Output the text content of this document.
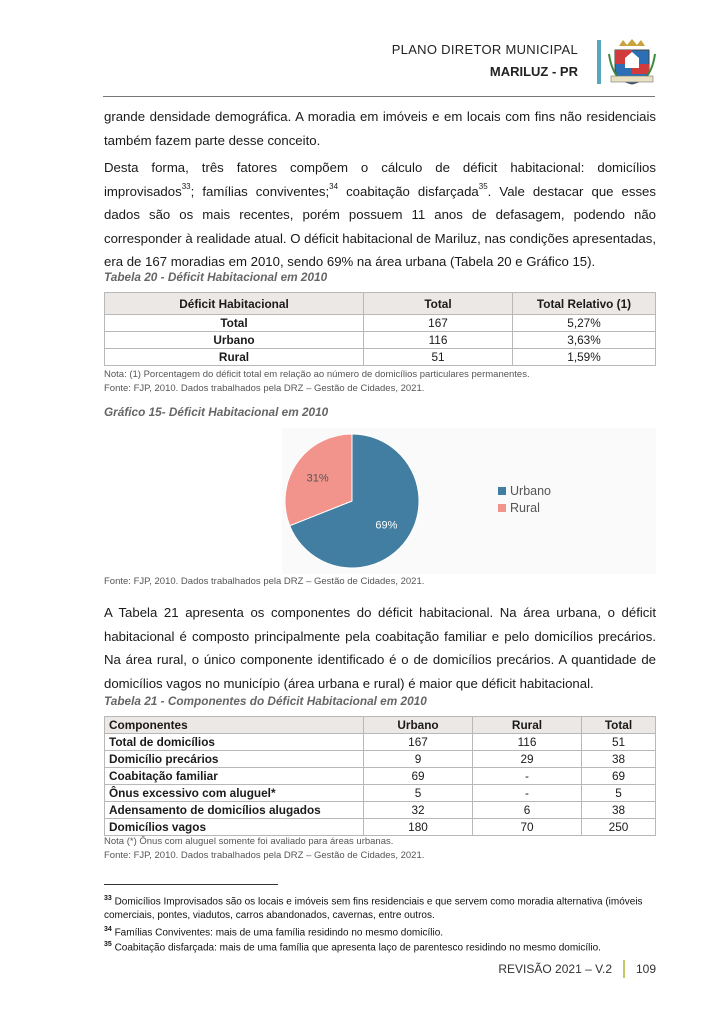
PLANO DIRETOR MUNICIPAL
MARILUZ - PR

grande densidade demográfica. A moradia em imóveis e em locais com fins não residenciais também fazem parte desse conceito.

Desta forma, três fatores compõem o cálculo de déficit habitacional: domicílios improvisados$^{33}$; famílias conviventes;$^{34}$ coabitação disfarçada$^{35}$. Vale destacar que esses dados são os mais recentes, porém possuem 11 anos de defasagem, podendo não corresponder à realidade atual. O déficit habitacional de Mariluz, nas condições apresentadas, era de 167 moradias em 2010, sendo 69% na área urbana (Tabela 20 e Gráfico 15).

Tabela 20 - Déficit Habitacional em 2010
Déficit Habitacional	Total	Total Relativo (1)
Total	167	5,27%
Urbano	116	3,63%
Rural	51	1,59%
Nota: (1) Porcentagem do déficit total em relação ao número de domicílios particulares permanentes.
Fonte: FJP, 2010. Dados trabalhados pela DRZ – Gestão de Cidades, 2021.
Gráfico 15- Déficit Habitacional em 2010
69%
31%
Urbano
Rural
Fonte: FJP, 2010. Dados trabalhados pela DRZ – Gestão de Cidades, 2021.

A Tabela 21 apresenta os componentes do déficit habitacional. Na área urbana, o déficit habitacional é composto principalmente pela coabitação familiar e pelo domicílios precários. Na área rural, o único componente identificado é o de domicílios precários. A quantidade de domicílios vagos no município (área urbana e rural) é maior que déficit habitacional.

Tabela 21 - Componentes do Déficit Habitacional em 2010
Componentes	Urbano	Rural	Total
Total de domicílios	167	116	51
Domicílio precários	9	29	38
Coabitação familiar	69	-	69
Ônus excessivo com aluguel*	5	-	5
Adensamento de domicílios alugados	32	6	38
Domicílios vagos	180	70	250
Nota (*) Ônus com aluguel somente foi avaliado para áreas urbanas.
Fonte: FJP, 2010. Dados trabalhados pela DRZ – Gestão de Cidades, 2021.
$^{33}$ Domicílios Improvisados são os locais e imóveis sem fins residenciais e que servem como moradia alternativa (imóveis comerciais, pontes, viadutos, carros abandonados, cavernas, entre outros.
$^{34}$ Famílias Conviventes: mais de uma família residindo no mesmo domicílio.
$^{35}$ Coabitação disfarçada: mais de uma família que apresenta laço de parentesco residindo no mesmo domicílio.
REVISÃO 2021 – V.2 109
